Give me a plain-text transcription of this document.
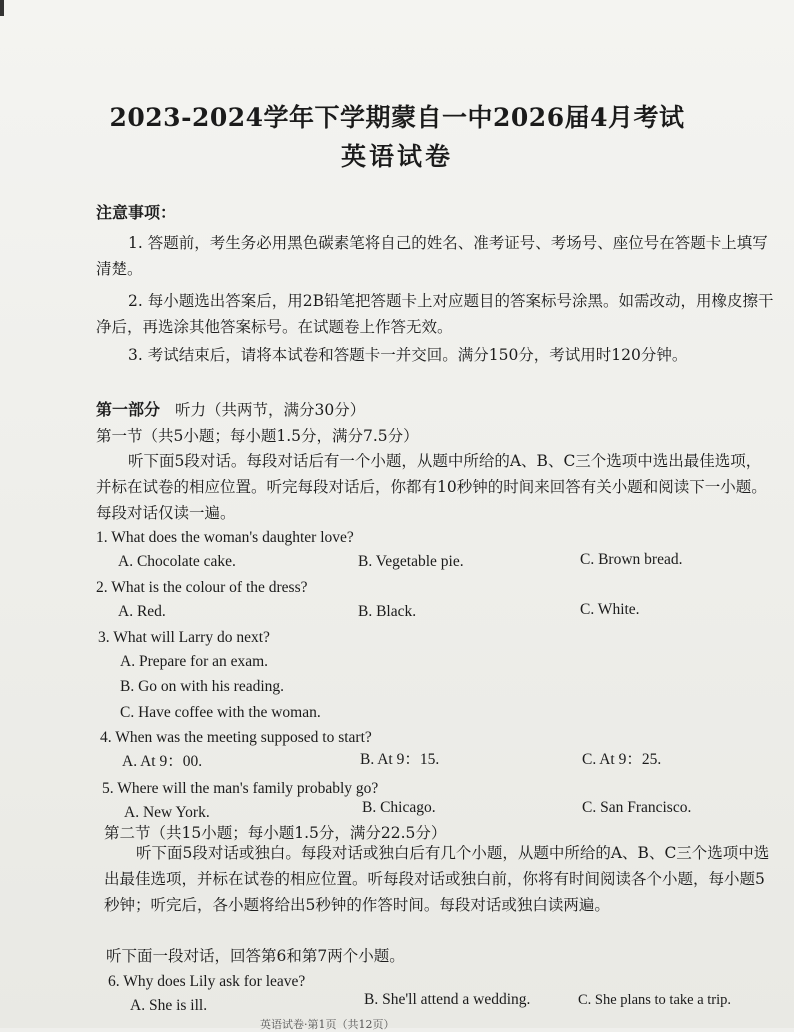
2023-2024学年下学期蒙自一中2026届4月考试
英语试卷
注意事项：
1. 答题前，考生务必用黑色碳素笔将自己的姓名、准考证号、考场号、座位号在答题卡上填写清楚。
2. 每小题选出答案后，用2B铅笔把答题卡上对应题目的答案标号涂黑。如需改动，用橡皮擦干净后，再选涂其他答案标号。在试题卷上作答无效。
3. 考试结束后，请将本试卷和答题卡一并交回。满分150分，考试用时120分钟。
第一部分 听力（共两节，满分30分）
第一节（共5小题；每小题1.5分，满分7.5分）
听下面5段对话。每段对话后有一个小题，从题中所给的A、B、C三个选项中选出最佳选项，并标在试卷的相应位置。听完每段对话后，你都有10秒钟的时间来回答有关小题和阅读下一小题。每段对话仅读一遍。
1. What does the woman's daughter love?
A. Chocolate cake.	B. Vegetable pie.	C. Brown bread.
2. What is the colour of the dress?
A. Red.	B. Black.	C. White.
3. What will Larry do next?
A. Prepare for an exam.
B. Go on with his reading.
C. Have coffee with the woman.
4. When was the meeting supposed to start?
A. At 9：00.	B. At 9：15.	C. At 9：25.
5. Where will the man's family probably go?
A. New York.	B. Chicago.	C. San Francisco.
第二节（共15小题；每小题1.5分，满分22.5分）
听下面5段对话或独白。每段对话或独白后有几个小题，从题中所给的A、B、C三个选项中选出最佳选项，并标在试卷的相应位置。听每段对话或独白前，你将有时间阅读各个小题，每小题5秒钟；听完后，各小题将给出5秒钟的作答时间。每段对话或独白读两遍。
听下面一段对话，回答第6和第7两个小题。
6. Why does Lily ask for leave?
A. She is ill.	B. She'll attend a wedding.	C. She plans to take a trip.
英语试卷·第1页（共12页）
